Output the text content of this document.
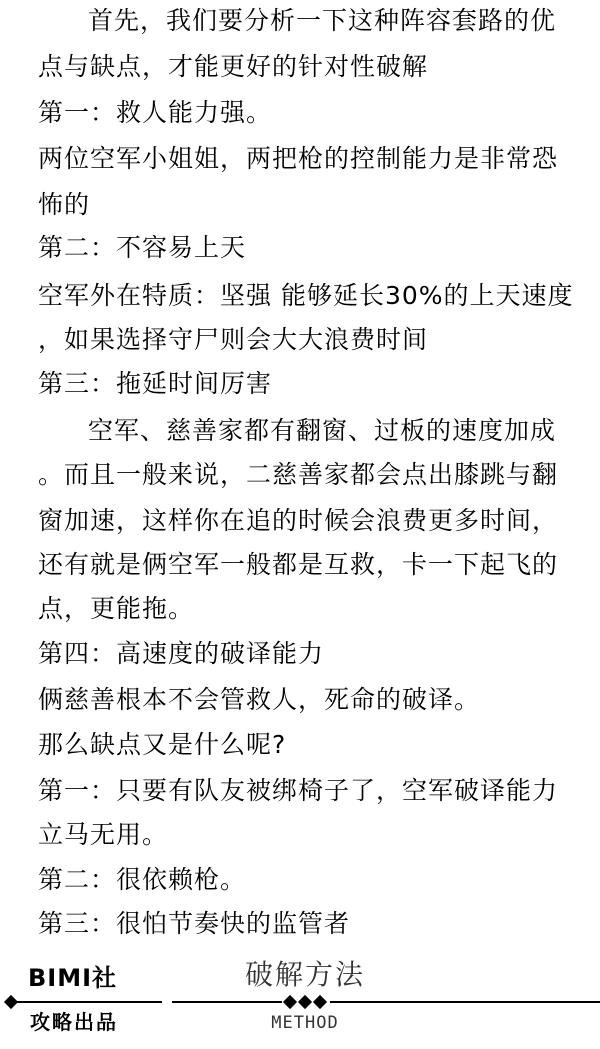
首先，我们要分析一下这种阵容套路的优
点与缺点，才能更好的针对性破解
第一：救人能力强。
两位空军小姐姐，两把枪的控制能力是非常恐
怖的
第二：不容易上天
空军外在特质：坚强 能够延长30%的上天速度
，如果选择守尸则会大大浪费时间
第三：拖延时间厉害
空军、慈善家都有翻窗、过板的速度加成
。而且一般来说，二慈善家都会点出膝跳与翻
窗加速，这样你在追的时候会浪费更多时间，
还有就是俩空军一般都是互救，卡一下起飞的
点，更能拖。
第四：高速度的破译能力
俩慈善根本不会管救人，死命的破译。
那么缺点又是什么呢?
第一：只要有队友被绑椅子了，空军破译能力
立马无用。
第二：很依赖枪。
第三：很怕节奏快的监管者
BIMI社
攻略出品
破解方法
METHOD
